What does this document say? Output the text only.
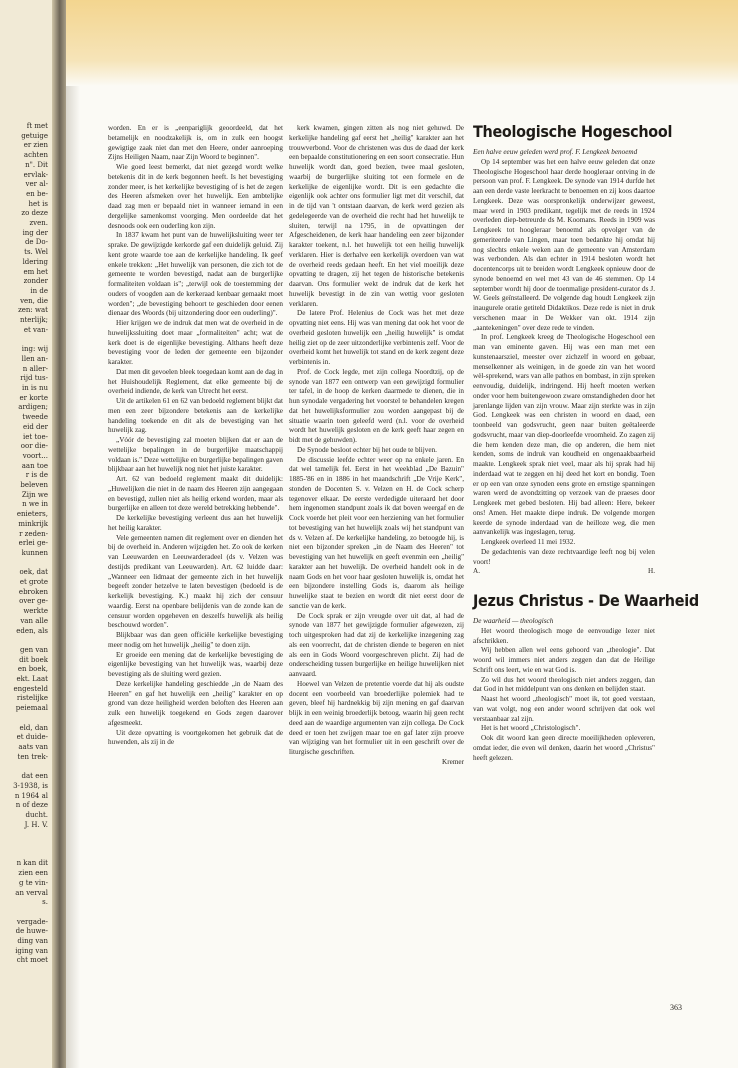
ft met
getuige
er zien
achten
n". Dit
ervlak-
ver al-
en be-
het is
zo deze
zven.
ing der
de Do-
ts. Wel
ldering
em het
zonder
in de
ven, die
zen: wat
nterlijk;
et van-

ing: wij
llen an-
n aller-
rijd tus-
in is nu
er korte
ardigen;
tweede
eid der
iet toe-
oor die-
voort...
aan toe
r is de
beleven
Zijn we
n we in
enieters,
minkrijk
r zeden-
erlei ge-
kunnen

oek, dat
et grote
ebroken
over ge-
werkte
van alle
eden, als

gen van
dit boek
en boek,
ekt. Laat
engesteld
ristelijke
peiemaal

eld, dan
et duide-
aats van
ten trek-

dat een
3-1938, is
n 1964 al
n of deze
ducht.
J. H. V.

n kan dit
zien een
g te vin-
an verval
s.

vergade-
de huwe-
ding van
iging van
cht moet

worden. En er is „eenpariglijk geoordeeld, dat het betamelijk en noodzakelijk is, om in zulk een hoogst gewigtige zaak niet dan met den Heere, onder aanroeping Zijns Heiligen Naam, naar Zijn Woord te beginnen".

Wie goed leest bemerkt, dat niet gezegd wordt welke betekenis dit in de kerk begonnen heeft. Is het bevestiging zonder meer, is het kerkelijke bevestiging of is het de zegen des Heeren afsmeken over het huwelijk. Een ambtelijke daad zag men er bepaald niet in wanneer iemand in een dergelijke samenkomst voorging. Men oordeelde dat het desnoods ook een ouderling kon zijn.

In 1837 kwam het punt van de huwelijksluiting weer ter sprake. De gewijzigde kerkorde gaf een duidelijk geluid. Zij kent grote waarde toe aan de kerkelijke handeling. Ik geef enkele trekken: „Het huwelijk van personen, die zich tot de gemeente te worden bevestigd, nadat aan de burgerlijke formaliteiten voldaan is"; „terwijl ook de toestemming der ouders of voogden aan de kerkeraad kenbaar gemaakt moet worden"; „de bevestiging behoort te geschieden door eenen dienaar des Woords (bij uitzondering door een ouderling)".

Hier krijgen we de indruk dat men wat de overheid in de huwelijkssluiting doet maar „formaliteiten" acht; wat de kerk doet is de eigenlijke bevestiging. Althans heeft deze bevestiging voor de leden der gemeente een bijzonder karakter.

Dat men dit gevoelen bleek toegedaan komt aan de dag in het Huishoudelijk Reglement, dat elke gemeente bij de overheid indiende, de kerk van Utrecht het eerst.

Uit de artikelen 61 en 62 van bedoeld reglement blijkt dat men een zeer bijzondere betekenis aan de kerkelijke handeling toekende en dit als de bevestiging van het huwelijk zag.

„Vóór de bevestiging zal moeten blijken dat er aan de wettelijke bepalingen in de burgerlijke maatschappij voldaan is." Deze wettelijke en burgerlijke bepalingen gaven blijkbaar aan het huwelijk nog niet het juiste karakter.

Art. 62 van bedoeld reglement maakt dit duidelijk: „Huwelijken die niet in de naam des Heeren zijn aangegaan en bevestigd, zullen niet als heilig erkend worden, maar als burgerlijke en alleen tot deze wereld betrekking hebbende".

De kerkelijke bevestiging verleent dus aan het huwelijk het heilig karakter.

Vele gemeenten namen dit reglement over en dienden het bij de overheid in. Anderen wijzigden het. Zo ook de kerken van Leeuwarden en Leeuwarderadeel (ds v. Velzen was destijds predikant van Leeuwarden). Art. 62 luidde daar: „Wanneer een lidmaat der gemeente zich in het huwelijk begeeft zonder hetzelve te laten bevestigen (bedoeld is de kerkelijk bevestiging. K.) maakt hij zich der censuur waardig. Eerst na openbare belijdenis van de zonde kan de censuur worden opgeheven en deszelfs huwelijk als heilig beschouwd worden".

Blijkbaar was dan geen officiële kerkelijke bevestiging meer nodig om het huwelijk „heilig" te doen zijn.

Er groeide een mening dat de kerkelijke bevestiging de eigenlijke bevestiging van het huwelijk was, waarbij deze bevestiging als de sluiting werd gezien.

Deze kerkelijke handeling geschiedde „in de Naam des Heeren" en gaf het huwelijk een „heilig" karakter en op grond van deze heiligheid werden beloften des Heeren aan zulk een huwelijk toegekend en Gods zegen daarover afgesmeekt.

Uit deze opvatting is voortgekomen het gebruik dat de huwenden, als zij in de

kerk kwamen, gingen zitten als nog niet gehuwd. De kerkelijke handeling gaf eerst het „heilig" karakter aan het trouwverbond. Voor de christenen was dus de daad der kerk een bepaalde constitutionering en een soort consecratie. Hun huwelijk wordt dan, goed bezien, twee maal gesloten, waarbij de burgerlijke sluiting tot een formele en de kerkelijke de eigenlijke wordt. Dit is een gedachte die eigenlijk ook achter ons formulier ligt met dit verschil, dat in de tijd van 't ontstaan daarvan, de kerk werd gezien als gedelegeerde van de overheid die recht had het huwelijk te sluiten, terwijl na 1795, in de opvattingen der Afgescheidenen, de kerk haar handeling een zeer bijzonder karakter toekent, n.l. het huwelijk tot een heilig huwelijk verklaren. Hier is derhalve een kerkelijk overdoen van wat de overheid reeds gedaan heeft. En het viel moeilijk deze opvatting te dragen, zij het tegen de historische betekenis daarvan. Ons formulier wekt de indruk dat de kerk het huwelijk bevestigt in de zin van wettig voor gesloten verklaren.

De latere Prof. Helenius de Cock was het met deze opvatting niet eens. Hij was van mening dat ook het voor de overheid gesloten huwelijk een „heilig huwelijk" is omdat heilig ziet op de zeer uitzonderlijke verbintenis zelf. Voor de overheid komt het huwelijk tot stand en de kerk zegent deze verbintenis in.

Prof. de Cock legde, met zijn collega Noordtzij, op de synode van 1877 een ontwerp van een gewijzigd formulier ter tafel, in de hoop de kerken daarmede te dienen, die in hun synodale vergadering het voorstel te behandelen kregen dat het huwelijksformulier zou worden aangepast bij de situatie waarin toen geleefd werd (n.l. voor de overheid wordt het huwelijk gesloten en de kerk geeft haar zegen en bidt met de gehuwden).

De Synode besloot echter bij het oude te blijven.

De discussie leefde echter weer op na enkele jaren. En dat wel tamelijk fel. Eerst in het weekblad „De Bazuin" 1885-'86 en in 1886 in het maandschrift „De Vrije Kerk", stonden de Docenten S. v. Velzen en H. de Cock scherp tegenover elkaar. De eerste verdedigde uiteraard het door hem ingenomen standpunt zoals ik dat boven weergaf en de Cock voerde het pleit voor een herziening van het formulier tot bevestiging van het huwelijk zoals wij het standpunt van ds v. Velzen af. De kerkelijke handeling, zo betoogde hij, is niet een bijzonder spreken „in de Naam des Heeren" tot bevestiging van het huwelijk en geeft evenmin een „heilig" karakter aan het huwelijk. De overheid handelt ook in de naam Gods en het voor haar gesloten huwelijk is, omdat het een bijzondere instelling Gods is, daarom als heilige huwelijke staat te bezien en wordt dit niet eerst door de sanctie van de kerk.

De Cock sprak er zijn vreugde over uit dat, al had de synode van 1877 het gewijzigde formulier afgewezen, zij toch uitgesproken had dat zij de kerkelijke inzegening zag als een voorrecht, dat de christen diende te begeren en niet als een in Gods Woord voorgeschreven plicht. Zij had de onderscheiding tussen burgerlijke en heilige huwelijken niet aanvaard.

Hoewel van Velzen de pretentie voerde dat hij als oudste docent een voorbeeld van broederlijke polemiek had te geven, bleef hij hardnekkig bij zijn mening en gaf daarvan blijk in een weinig broederlijk betoog, waarin hij geen recht deed aan de waardige argumenten van zijn collega. De Cock deed er toen het zwijgen maar toe en gaf later zijn proeve van wijziging van het formulier uit in een geschrift over de liturgische geschriften.

Kremer
Theologische Hogeschool

Een halve eeuw geleden werd prof. F. Lengkeek benoemd

Op 14 september was het een halve eeuw geleden dat onze Theologische Hogeschool haar derde hoogleraar ontving in de persoon van prof. F. Lengkeek. De synode van 1914 durfde het aan een derde vaste leerkracht te benoemen en zij koos daartoe Lengkeek. Deze was oorspronkelijk onderwijzer geweest, maar werd in 1903 predikant, tegelijk met de reeds in 1924 overleden diep-betreurde ds M. Koomans. Reeds in 1909 was Lengkeek tot hoogleraar benoemd als opvolger van de gemeriteerde van Lingen, maar toen bedankte hij omdat hij nog slechts enkele weken aan de gemeente van Amsterdam was verbonden. Als dan echter in 1914 besloten wordt het docentencorps uit te breiden wordt Lengkeek opnieuw door de synode benoemd en wel met 43 van de 46 stemmen. Op 14 september wordt hij door de toenmalige president-curator ds J. W. Geels geïnstalleerd. De volgende dag houdt Lengkeek zijn inaugurele oratie getiteld Didaktikos. Deze rede is niet in druk verschenen maar in De Wekker van okt. 1914 zijn „aantekeningen" over deze rede te vinden.

In prof. Lengkeek kreeg de Theologische Hogeschool een man van eminente gaven. Hij was een man met een kunstenaarsziel, meester over zichzelf in woord en gebaar, menselkenner als weinigen, in de goede zin van het woord wèl-sprekend, wars van alle pathos en bombast, in zijn spreken eenvoudig, duidelijk, indringend. Hij heeft moeten werken onder voor hem buitengewoon zware omstandigheden door het jarenlange lijden van zijn vrouw. Maar zijn sterkte was in zijn God. Lengkeek was een christen in woord en daad, een toonbeeld van godsvrucht, geen naar buiten geëtaleerde godsvrucht, maar van diep-doorleefde vroomheid. Zo zagen zij die hem kenden deze man, die op anderen, die hem niet kenden, soms de indruk van koudheid en ongenaakbaarheid maakte. Lengkeek sprak niet veel, maar als hij sprak had hij inderdaad wat te zeggen en hij deed het kort en bondig. Toen er op een van onze synoden eens grote en ernstige spanningen waren werd de avondzitting op verzoek van de praeses door Lengkeek met gebed besloten. Hij bad alleen: Here, bekeer ons! Amen. Het maakte diepe indruk. De volgende morgen keerde de synode inderdaad van de heilloze weg, die men aanvankelijk was ingeslagen, terug.

Lengkeek overleed 11 mei 1932.

De gedachtenis van deze rechtvaardige leeft nog bij velen voort!

A.	H.
Jezus Christus - De Waarheid

De waarheid — theologisch

Het woord theologisch moge de eenvoudige lezer niet afschrikken.

Wij hebben allen wel eens gehoord van „theologie". Dat woord wil immers niet anders zeggen dan dat de Heilige Schrift ons leert, wie en wat God is.

Zo wil dus het woord theologisch niet anders zeggen, dan dat God in het middelpunt van ons denken en belijden staat.

Naast het woord „theologisch" moet ik, tot goed verstaan, van wat volgt, nog een ander woord schrijven dat ook wel verstaanbaar zal zijn.

Het is het woord „Christologisch".

Ook dit woord kan geen directe moeilijkheden opleveren, omdat ieder, die even wil denken, daarin het woord „Christus" heeft gelezen.

363
